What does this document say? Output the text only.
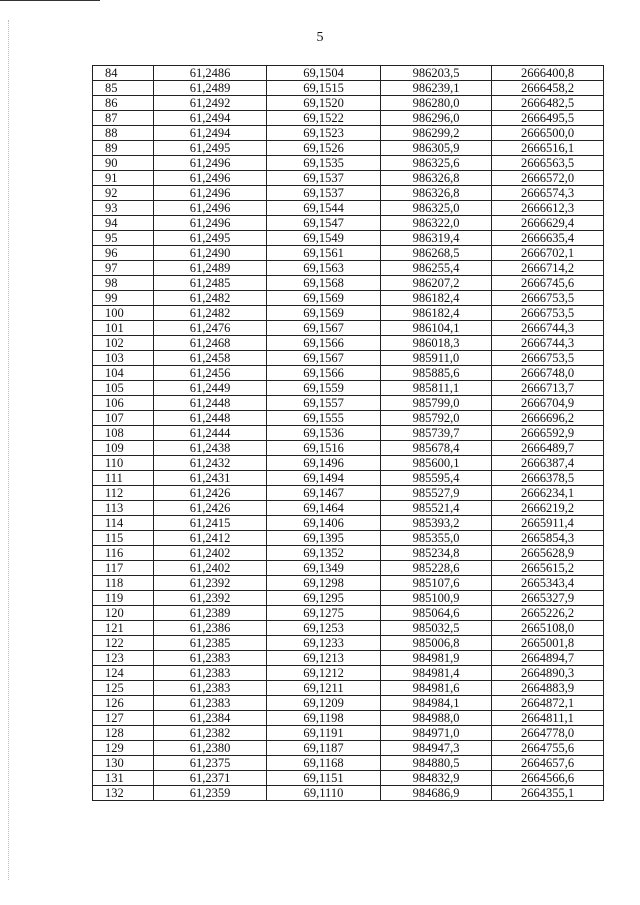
5
84	61,2486	69,1504	986203,5	2666400,8
85	61,2489	69,1515	986239,1	2666458,2
86	61,2492	69,1520	986280,0	2666482,5
87	61,2494	69,1522	986296,0	2666495,5
88	61,2494	69,1523	986299,2	2666500,0
89	61,2495	69,1526	986305,9	2666516,1
90	61,2496	69,1535	986325,6	2666563,5
91	61,2496	69,1537	986326,8	2666572,0
92	61,2496	69,1537	986326,8	2666574,3
93	61,2496	69,1544	986325,0	2666612,3
94	61,2496	69,1547	986322,0	2666629,4
95	61,2495	69,1549	986319,4	2666635,4
96	61,2490	69,1561	986268,5	2666702,1
97	61,2489	69,1563	986255,4	2666714,2
98	61,2485	69,1568	986207,2	2666745,6
99	61,2482	69,1569	986182,4	2666753,5
100	61,2482	69,1569	986182,4	2666753,5
101	61,2476	69,1567	986104,1	2666744,3
102	61,2468	69,1566	986018,3	2666744,3
103	61,2458	69,1567	985911,0	2666753,5
104	61,2456	69,1566	985885,6	2666748,0
105	61,2449	69,1559	985811,1	2666713,7
106	61,2448	69,1557	985799,0	2666704,9
107	61,2448	69,1555	985792,0	2666696,2
108	61,2444	69,1536	985739,7	2666592,9
109	61,2438	69,1516	985678,4	2666489,7
110	61,2432	69,1496	985600,1	2666387,4
111	61,2431	69,1494	985595,4	2666378,5
112	61,2426	69,1467	985527,9	2666234,1
113	61,2426	69,1464	985521,4	2666219,2
114	61,2415	69,1406	985393,2	2665911,4
115	61,2412	69,1395	985355,0	2665854,3
116	61,2402	69,1352	985234,8	2665628,9
117	61,2402	69,1349	985228,6	2665615,2
118	61,2392	69,1298	985107,6	2665343,4
119	61,2392	69,1295	985100,9	2665327,9
120	61,2389	69,1275	985064,6	2665226,2
121	61,2386	69,1253	985032,5	2665108,0
122	61,2385	69,1233	985006,8	2665001,8
123	61,2383	69,1213	984981,9	2664894,7
124	61,2383	69,1212	984981,4	2664890,3
125	61,2383	69,1211	984981,6	2664883,9
126	61,2383	69,1209	984984,1	2664872,1
127	61,2384	69,1198	984988,0	2664811,1
128	61,2382	69,1191	984971,0	2664778,0
129	61,2380	69,1187	984947,3	2664755,6
130	61,2375	69,1168	984880,5	2664657,6
131	61,2371	69,1151	984832,9	2664566,6
132	61,2359	69,1110	984686,9	2664355,1
